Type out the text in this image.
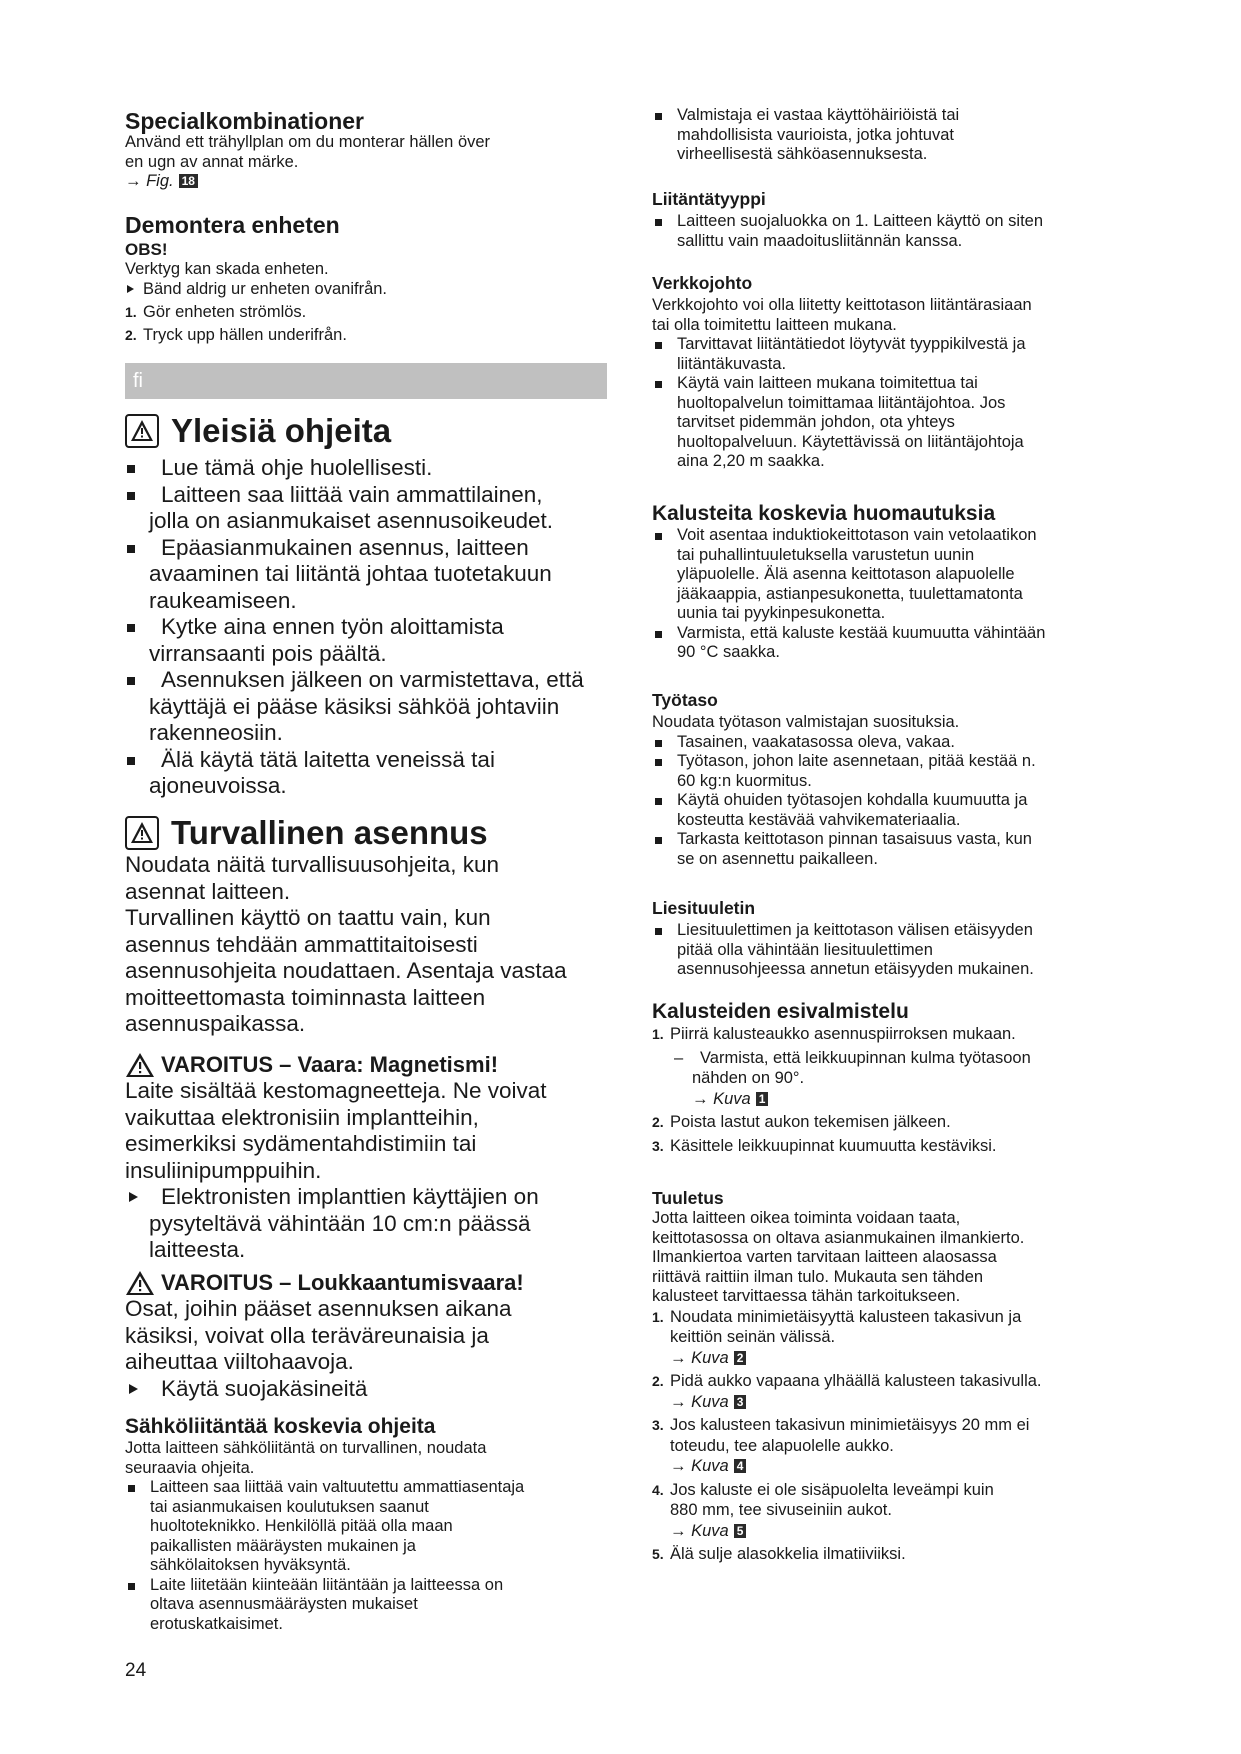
Specialkombinationer
Använd ett trähyllplan om du monterar hällen över
en ugn av annat märke.
→ Fig. 18
Demontera enheten
OBS!
Verktyg kan skada enheten.
Bänd aldrig ur enheten ovanifrån.
1. Gör enheten strömlös.
2. Tryck upp hällen underifrån.
fi
Yleisiä ohjeita
Lue tämä ohje huolellisesti.
Laitteen saa liittää vain ammattilainen,
jolla on asianmukaiset asennusoikeudet.
Epäasianmukainen asennus, laitteen
avaaminen tai liitäntä johtaa tuotetakuun
raukeamiseen.
Kytke aina ennen työn aloittamista
virransaanti pois päältä.
Asennuksen jälkeen on varmistettava, että
käyttäjä ei pääse käsiksi sähköä johtaviin
rakenneosiin.
Älä käytä tätä laitetta veneissä tai
ajoneuvoissa.
Turvallinen asennus
Noudata näitä turvallisuusohjeita, kun
asennat laitteen.
Turvallinen käyttö on taattu vain, kun
asennus tehdään ammattitaitoisesti
asennusohjeita noudattaen. Asentaja vastaa
moitteettomasta toiminnasta laitteen
asennuspaikassa.
VAROITUS – Vaara: Magnetismi!
Laite sisältää kestomagneetteja. Ne voivat
vaikuttaa elektronisiin implantteihin,
esimerkiksi sydämentahdistimiin tai
insuliinipumppuihin.
Elektronisten implanttien käyttäjien on
pysyteltävä vähintään 10 cm:n päässä
laitteesta.
VAROITUS – Loukkaantumisvaara!
Osat, joihin pääset asennuksen aikana
käsiksi, voivat olla teräväreunaisia ja
aiheuttaa viiltohaavoja.
Käytä suojakäsineitä
Sähköliitäntää koskevia ohjeita
Jotta laitteen sähköliitäntä on turvallinen, noudata
seuraavia ohjeita.
Laitteen saa liittää vain valtuutettu ammattiasentaja
tai asianmukaisen koulutuksen saanut
huoltoteknikko. Henkilöllä pitää olla maan
paikallisten määräysten mukainen ja
sähkölaitoksen hyväksyntä.
Laite liitetään kiinteään liitäntään ja laitteessa on
oltava asennusmääräysten mukaiset
erotuskatkaisimet.
24
Valmistaja ei vastaa käyttöhäiriöistä tai
mahdollisista vaurioista, jotka johtuvat
virheellisestä sähköasennuksesta.
Liitäntätyyppi
Laitteen suojaluokka on 1. Laitteen käyttö on siten
sallittu vain maadoitusliitännän kanssa.
Verkkojohto
Verkkojohto voi olla liitetty keittotason liitäntärasiaan
tai olla toimitettu laitteen mukana.
Tarvittavat liitäntätiedot löytyvät tyyppikilvestä ja
liitäntäkuvasta.
Käytä vain laitteen mukana toimitettua tai
huoltopalvelun toimittamaa liitäntäjohtoa. Jos
tarvitset pidemmän johdon, ota yhteys
huoltopalveluun. Käytettävissä on liitäntäjohtoja
aina 2,20 m saakka.
Kalusteita koskevia huomautuksia
Voit asentaa induktiokeittotason vain vetolaatikon
tai puhallintuuletuksella varustetun uunin
yläpuolelle. Älä asenna keittotason alapuolelle
jääkaappia, astianpesukonetta, tuulettamatonta
uunia tai pyykinpesukonetta.
Varmista, että kaluste kestää kuumuutta vähintään
90 °C saakka.
Työtaso
Noudata työtason valmistajan suosituksia.
Tasainen, vaakatasossa oleva, vakaa.
Työtason, johon laite asennetaan, pitää kestää n.
60 kg:n kuormitus.
Käytä ohuiden työtasojen kohdalla kuumuutta ja
kosteutta kestävää vahvikemateriaalia.
Tarkasta keittotason pinnan tasaisuus vasta, kun
se on asennettu paikalleen.
Liesituuletin
Liesituulettimen ja keittotason välisen etäisyyden
pitää olla vähintään liesituulettimen
asennusohjeessa annetun etäisyyden mukainen.
Kalusteiden esivalmistelu
1. Piirrä kalusteaukko asennuspiirroksen mukaan.
– Varmista, että leikkuupinnan kulma työtasoon
nähden on 90°.
→ Kuva 1
2. Poista lastut aukon tekemisen jälkeen.
3. Käsittele leikkuupinnat kuumuutta kestäviksi.
Tuuletus
Jotta laitteen oikea toiminta voidaan taata,
keittotasossa on oltava asianmukainen ilmankierto.
Ilmankiertoa varten tarvitaan laitteen alaosassa
riittävä raittiin ilman tulo. Mukauta sen tähden
kalusteet tarvittaessa tähän tarkoitukseen.
1. Noudata minimietäisyyttä kalusteen takasivun ja
keittiön seinän välissä.
→ Kuva 2
2. Pidä aukko vapaana ylhäällä kalusteen takasivulla.
→ Kuva 3
3. Jos kalusteen takasivun minimietäisyys 20 mm ei
toteudu, tee alapuolelle aukko.
→ Kuva 4
4. Jos kaluste ei ole sisäpuolelta leveämpi kuin
880 mm, tee sivuseiniin aukot.
→ Kuva 5
5. Älä sulje alasokkelia ilmatiiviiksi.
